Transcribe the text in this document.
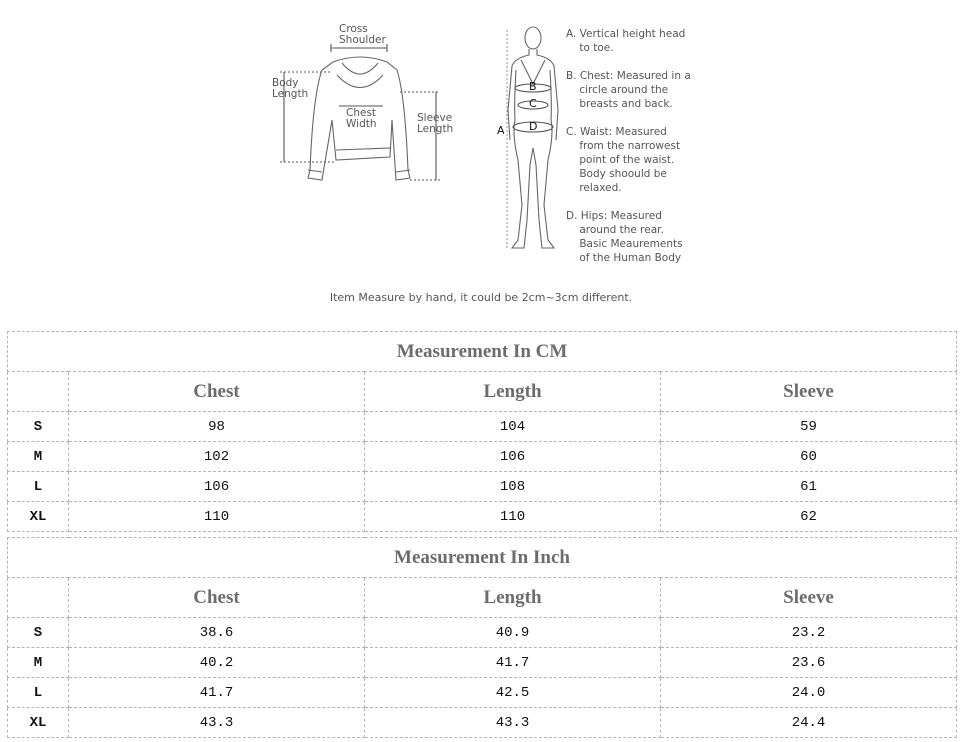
Cross
Shoulder
Body
Length
Chest
Width	Sleeve
Length	A
B
C
D
A. Vertical height head
to toe.
B. Chest: Measured in a
circle around the
breasts and back.
C. Waist: Measured
from the narrowest
point of the waist.
Body shoould be
relaxed.
D. Hips: Measured
around the rear.
Basic Meaurements
of the Human Body
Item Measure by hand, it could be 2cm~3cm different.
Measurement In CM			
	Chest	Length	Sleeve
S	98	104	59
M	102	106	60
L	106	108	61
XL	110	110	62
Measurement In Inch			
	Chest	Length	Sleeve
S	38.6	40.9	23.2
M	40.2	41.7	23.6
L	41.7	42.5	24.0
XL	43.3	43.3	24.4
